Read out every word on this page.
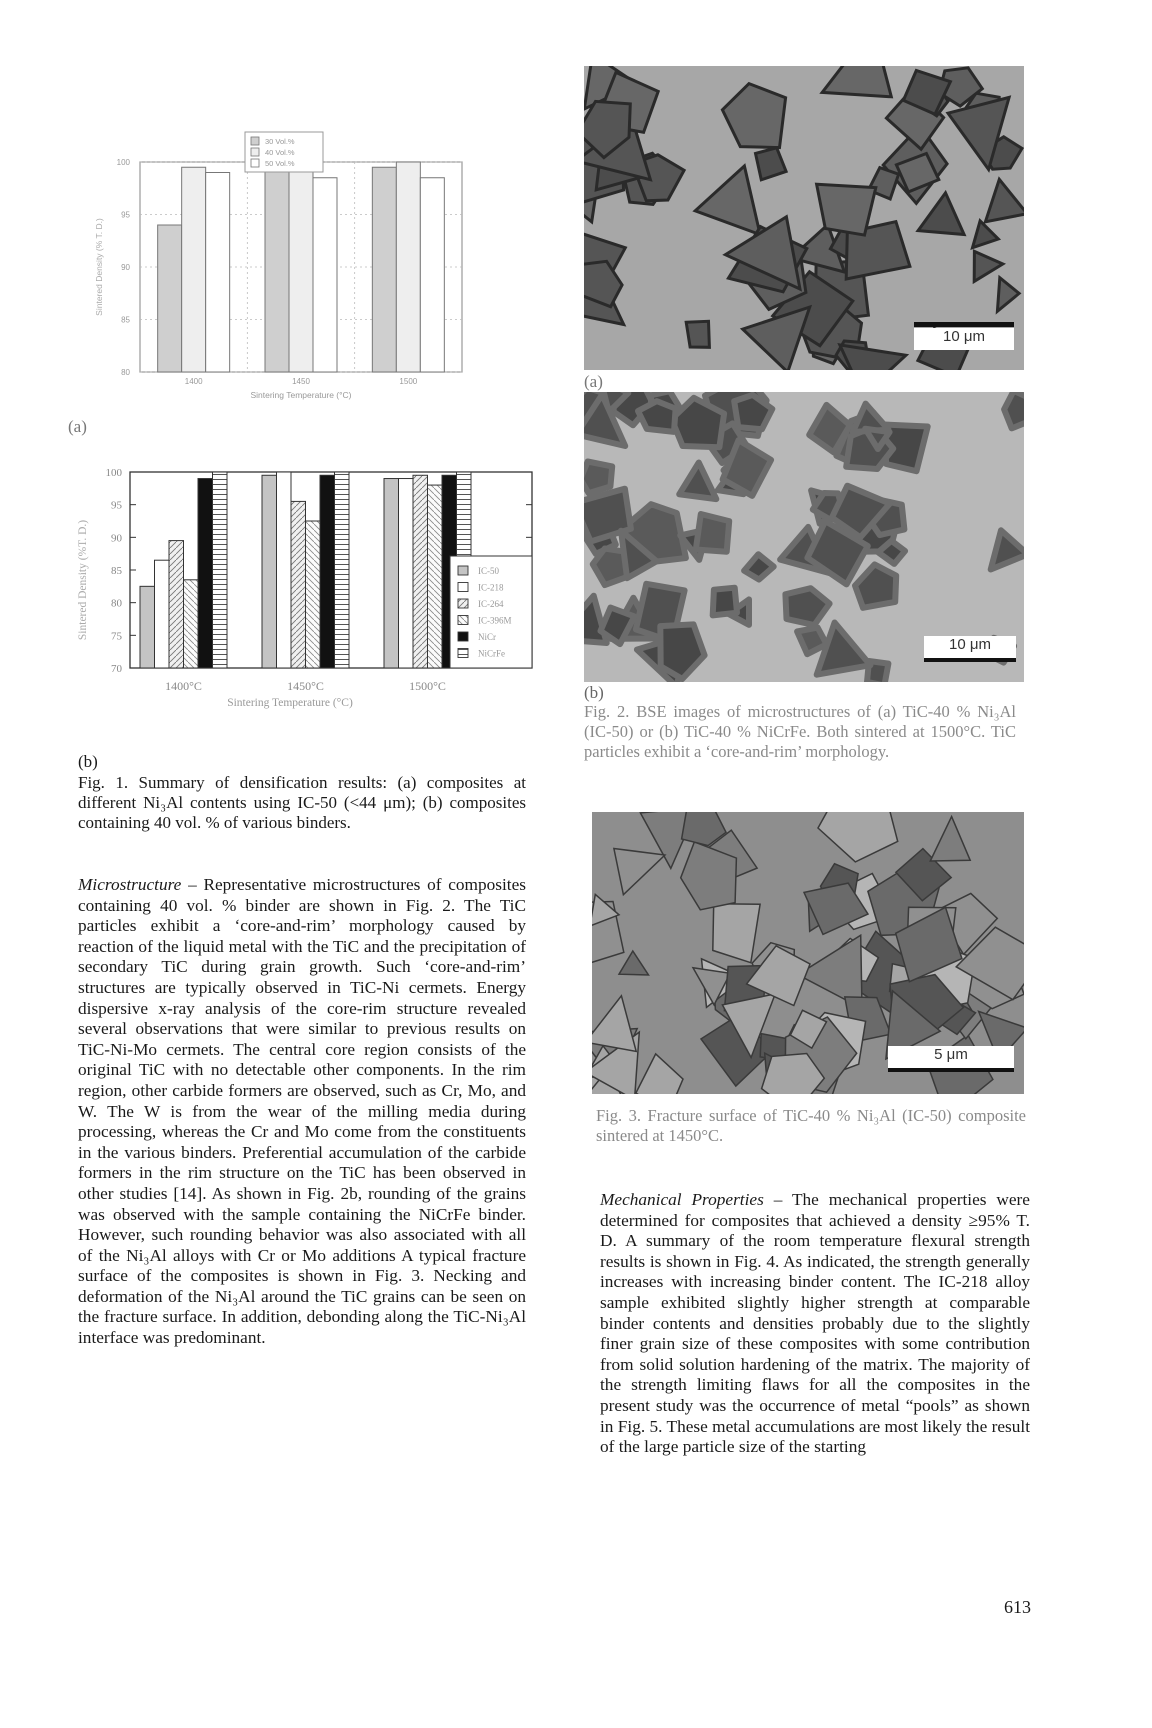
80
85
90
95
100
1400	1450	1500
Sintering Temperature (°C)
Sintered Density (% T. D.)
30 Vol.%
40 Vol.%
50 Vol.%
(a)
70
75
80
85
90
95
100
1400°C	1450°C	1500°C
Sintering Temperature (°C)
Sintered Density (%T. D.)	IC-50
IC-218
IC-264
IC-396M
NiCr
NiCrFe
(b)
Fig. 1. Summary of densification results: (a) composites at different Ni₃Al contents using IC-50 (<44 μm); (b) composites containing 40 vol. % of various binders.
Microstructure – Representative microstructures of composites containing 40 vol. % binder are shown in Fig. 2. The TiC particles exhibit a ‘core-and-rim’ morphology caused by reaction of the liquid metal with the TiC and the precipitation of secondary TiC during grain growth. Such ‘core-and-rim’ structures are typically observed in TiC-Ni cermets. Energy dispersive x-ray analysis of the core-rim structure revealed several observations that were similar to previous results on TiC-Ni-Mo cermets. The central core region consists of the original TiC with no detectable other components. In the rim region, other carbide formers are observed, such as Cr, Mo, and W. The W is from the wear of the milling media during processing, whereas the Cr and Mo come from the constituents in the various binders. Preferential accumulation of the carbide formers in the rim structure on the TiC has been observed in other studies [14]. As shown in Fig. 2b, rounding of the grains was observed with the sample containing the NiCrFe binder. However, such rounding behavior was also associated with all of the Ni₃Al alloys with Cr or Mo additions A typical fracture surface of the composites is shown in Fig. 3. Necking and deformation of the Ni₃Al around the TiC grains can be seen on the fracture surface. In addition, debonding along the TiC-Ni₃Al interface was predominant.
10 μm
(a)
10 μm
(b)
Fig. 2. BSE images of microstructures of (a) TiC-40 % Ni₃Al (IC-50) or (b) TiC-40 % NiCrFe. Both sintered at 1500°C. TiC particles exhibit a ‘core-and-rim’ morphology.
5 μm
Fig. 3. Fracture surface of TiC-40 % Ni₃Al (IC-50) composite sintered at 1450°C.
Mechanical Properties – The mechanical properties were determined for composites that achieved a density ≥95% T. D. A summary of the room temperature flexural strength results is shown in Fig. 4. As indicated, the strength generally increases with increasing binder content. The IC-218 alloy sample exhibited slightly higher strength at comparable binder contents and densities probably due to the slightly finer grain size of these composites with some contribution from solid solution hardening of the matrix. The majority of the strength limiting flaws for all the composites in the present study was the occurrence of metal “pools” as shown in Fig. 5. These metal accumulations are most likely the result of the large particle size of the starting
613
